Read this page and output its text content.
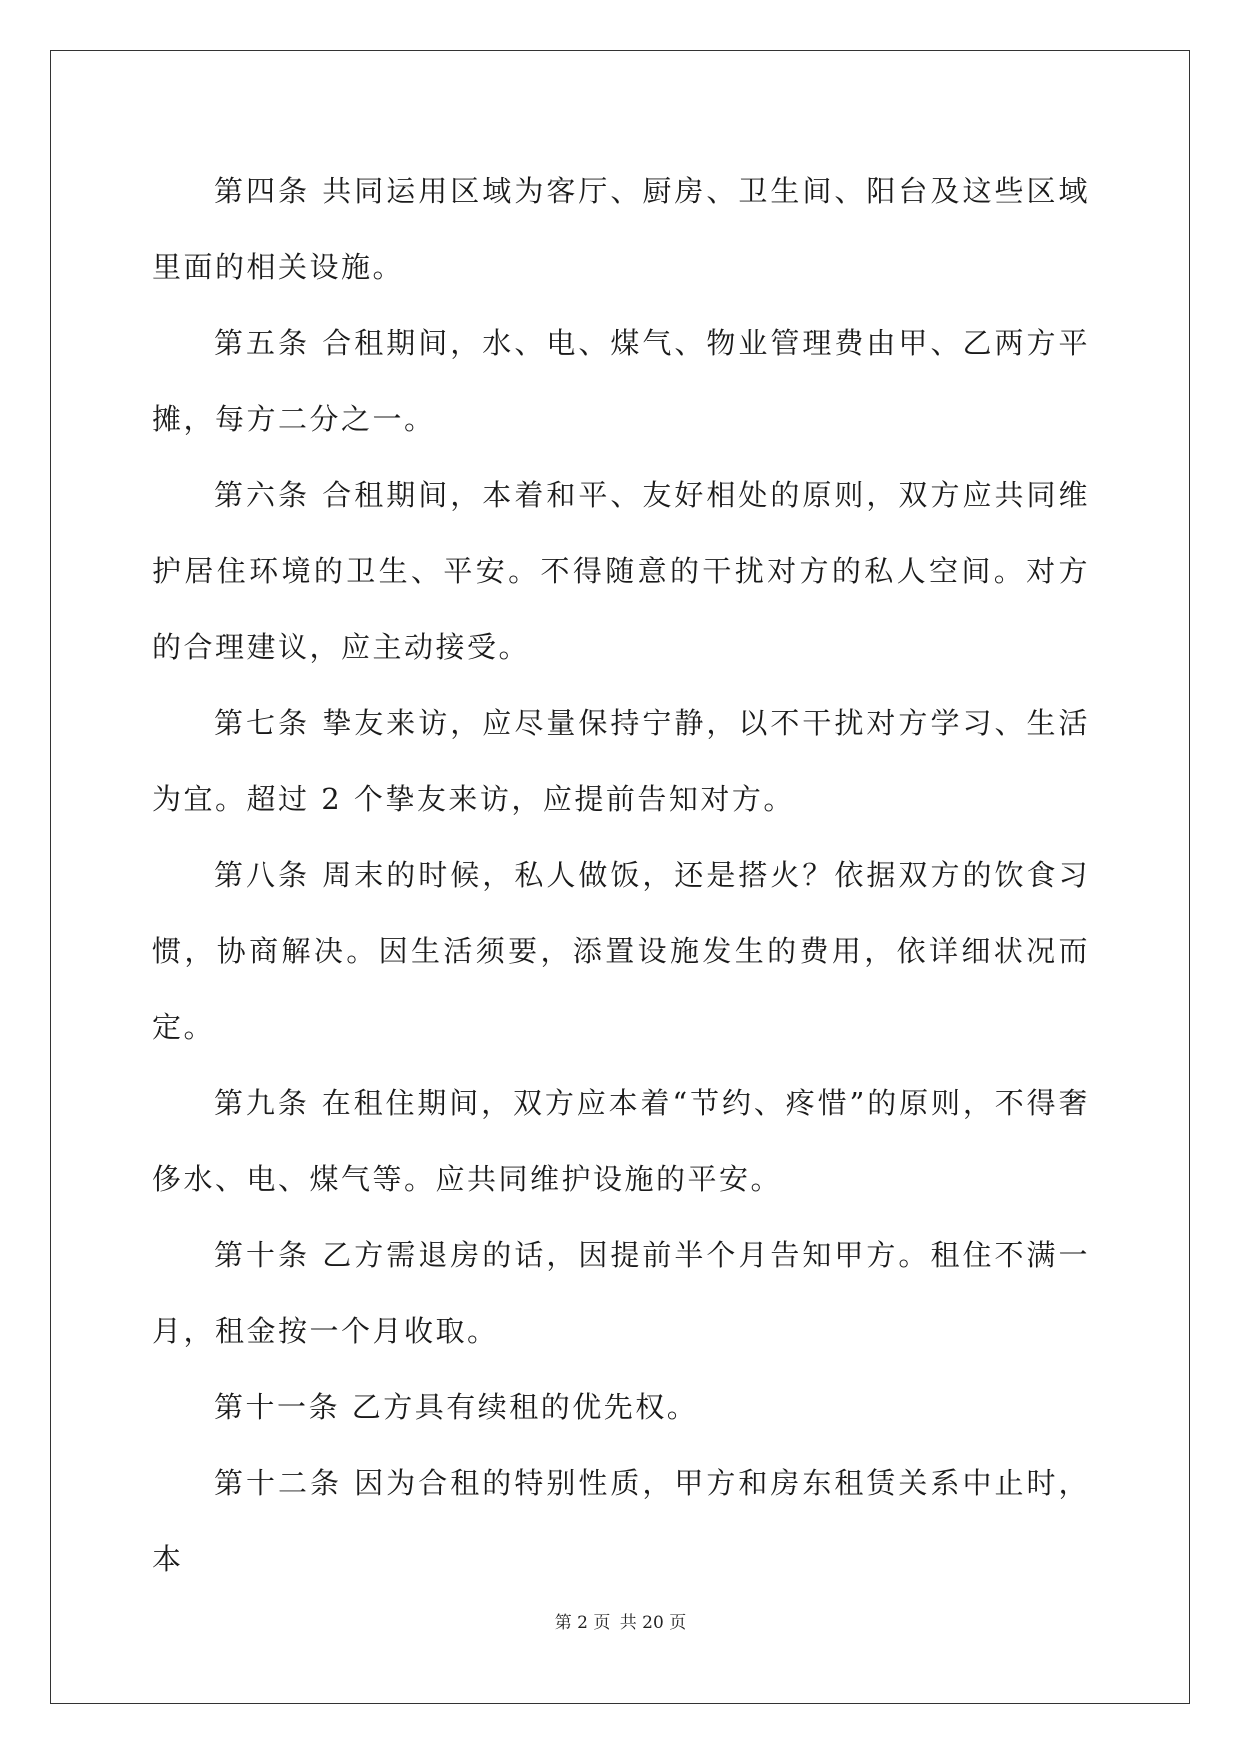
第四条 共同运用区域为客厅、厨房、卫生间、阳台及这些区域里面的相关设施。

第五条 合租期间，水、电、煤气、物业管理费由甲、乙两方平摊，每方二分之一。

第六条 合租期间，本着和平、友好相处的原则，双方应共同维护居住环境的卫生、平安。不得随意的干扰对方的私人空间。对方的合理建议，应主动接受。

第七条 挚友来访，应尽量保持宁静，以不干扰对方学习、生活为宜。超过 2 个挚友来访，应提前告知对方。

第八条 周末的时候，私人做饭，还是搭火？依据双方的饮食习惯，协商解决。因生活须要，添置设施发生的费用，依详细状况而定。

第九条 在租住期间，双方应本着“节约、疼惜”的原则，不得奢侈水、电、煤气等。应共同维护设施的平安。

第十条 乙方需退房的话，因提前半个月告知甲方。租住不满一月，租金按一个月收取。

第十一条 乙方具有续租的优先权。

第十二条 因为合租的特别性质，甲方和房东租赁关系中止时，本

第 2 页 共 20 页
